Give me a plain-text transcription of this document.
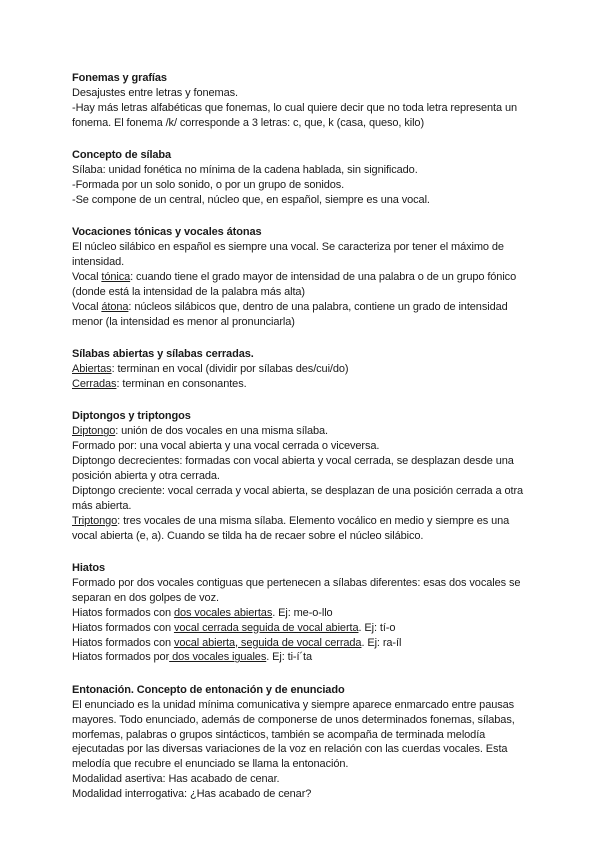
Fonemas y grafías
Desajustes entre letras y fonemas.
-Hay más letras alfabéticas que fonemas, lo cual quiere decir que no toda letra representa un fonema. El fonema /k/ corresponde a 3 letras: c, que, k (casa, queso, kilo)
Concepto de sílaba
Sílaba: unidad fonética no mínima de la cadena hablada, sin significado.
-Formada por un solo sonido, o por un grupo de sonidos.
-Se compone de un central, núcleo que, en español, siempre es una vocal.
Vocaciones tónicas y vocales átonas
El núcleo silábico en español es siempre una vocal. Se caracteriza por tener el máximo de intensidad.
Vocal tónica: cuando tiene el grado mayor de intensidad de una palabra o de un grupo fónico (donde está la intensidad de la palabra más alta)
Vocal átona: núcleos silábicos que, dentro de una palabra, contiene un grado de intensidad menor (la intensidad es menor al pronunciarla)
Sílabas abiertas y sílabas cerradas.
Abiertas: terminan en vocal (dividir por sílabas des/cui/do)
Cerradas: terminan en consonantes.
Diptongos y triptongos
Diptongo: unión de dos vocales en una misma sílaba.
Formado por: una vocal abierta y una vocal cerrada o viceversa.
Diptongo decrecientes: formadas con vocal abierta y vocal cerrada, se desplazan desde una posición abierta y otra cerrada.
Diptongo creciente: vocal cerrada y vocal abierta, se desplazan de una posición cerrada a otra más abierta.
Triptongo: tres vocales de una misma sílaba. Elemento vocálico en medio y siempre es una vocal abierta (e, a). Cuando se tilda ha de recaer sobre el núcleo silábico.
Hiatos
Formado por dos vocales contiguas que pertenecen a sílabas diferentes: esas dos vocales se separan en dos golpes de voz.
Hiatos formados con dos vocales abiertas. Ej: me-o-llo
Hiatos formados con vocal cerrada seguida de vocal abierta. Ej: tí-o
Hiatos formados con vocal abierta, seguida de vocal cerrada. Ej: ra-íl
Hiatos formados por dos vocales iguales. Ej: ti-í´ta
Entonación. Concepto de entonación y de enunciado
El enunciado es la unidad mínima comunicativa y siempre aparece enmarcado entre pausas mayores. Todo enunciado, además de componerse de unos determinados fonemas, sílabas, morfemas, palabras o grupos sintácticos, también se acompaña de terminada melodía ejecutadas por las diversas variaciones de la voz en relación con las cuerdas vocales. Esta melodía que recubre el enunciado se llama la entonación.
Modalidad asertiva: Has acabado de cenar.
Modalidad interrogativa: ¿Has acabado de cenar?
